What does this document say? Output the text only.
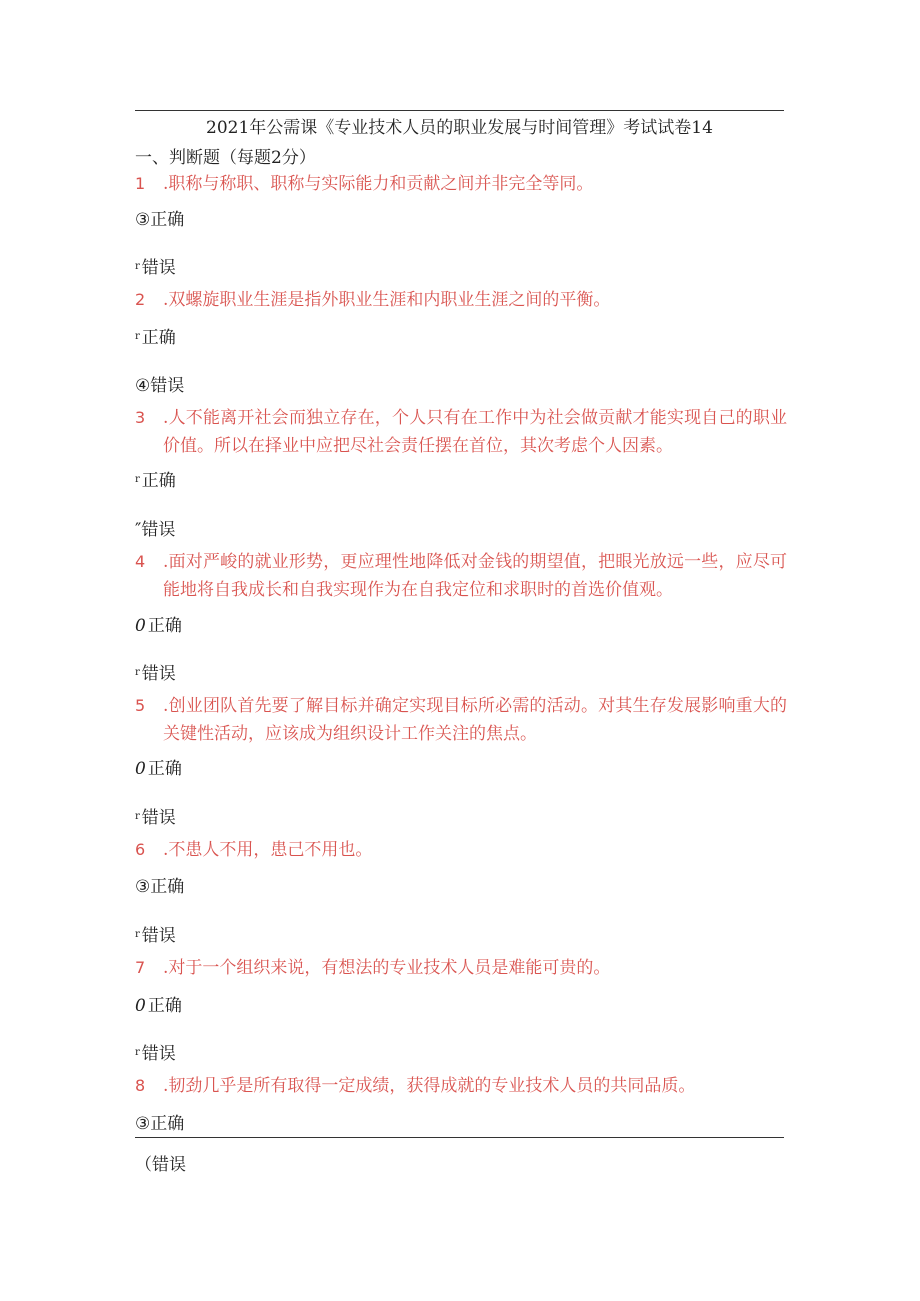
2021年公需课《专业技术人员的职业发展与时间管理》考试试卷14
一、判断题（每题2分）
1	.职称与称职、职称与实际能力和贡献之间并非完全等同。
③ 正确
r 错误
2	.双螺旋职业生涯是指外职业生涯和内职业生涯之间的平衡。
r 正确
④ 错误
3	.人不能离开社会而独立存在，个人只有在工作中为社会做贡献才能实现自己的职业价值。所以在择业中应把尽社会责任摆在首位，其次考虑个人因素。
r 正确
″ 错误
4	.面对严峻的就业形势，更应理性地降低对金钱的期望值，把眼光放远一些，应尽可能地将自我成长和自我实现作为在自我定位和求职时的首选价值观。
0 正确
r 错误
5	.创业团队首先要了解目标并确定实现目标所必需的活动。对其生存发展影响重大的关键性活动，应该成为组织设计工作关注的焦点。
0 正确
r 错误
6	.不患人不用，患己不用也。
③ 正确
r 错误
7	.对于一个组织来说，有想法的专业技术人员是难能可贵的。
0 正确
r 错误
8	.韧劲几乎是所有取得一定成绩，获得成就的专业技术人员的共同品质。
③ 正确
（ 错误
